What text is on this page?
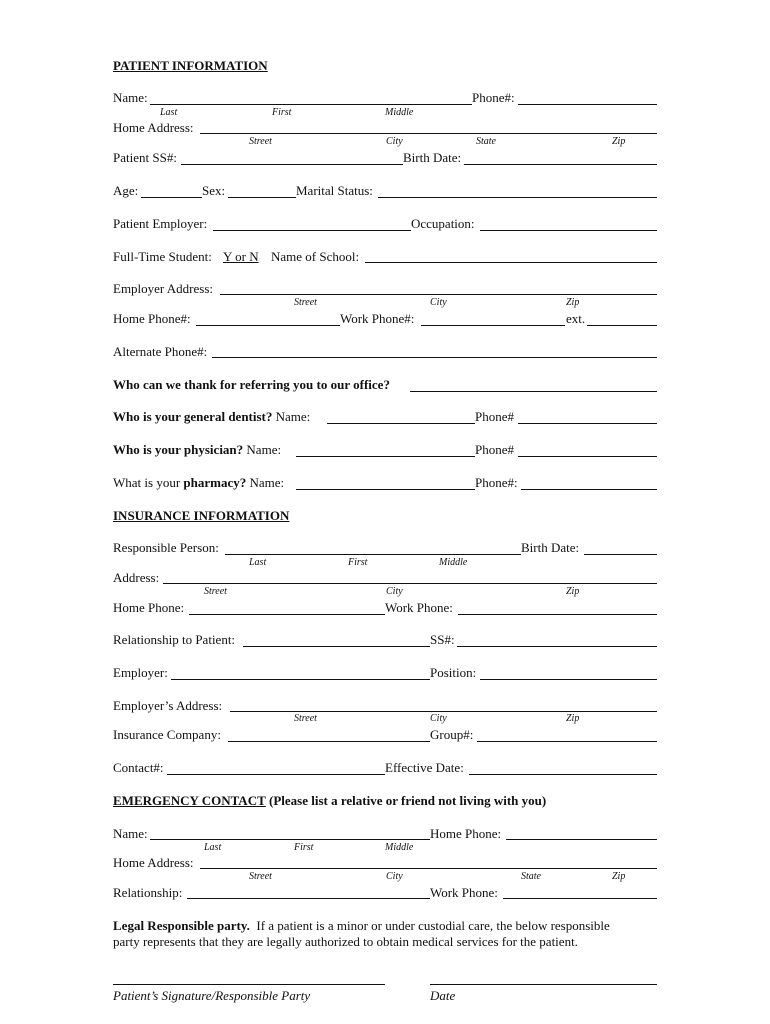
PATIENT INFORMATION
Name:	Phone#:
Last	First	Middle
Home Address:
Street	City	State	Zip
Patient SS#:	Birth Date:
Age:	Sex:	Marital Status:
Patient Employer:	Occupation:
Full-Time Student: Y or N Name of School:
Employer Address:
Street	City	Zip
Home Phone#:	Work Phone#:	ext.
Alternate Phone#:
Who can we thank for referring you to our office?
Who is your general dentist? Name:	Phone#
Who is your physician? Name:	Phone#
What is your pharmacy? Name:	Phone#:
INSURANCE INFORMATION
Responsible Person:	Birth Date:
Last	First	Middle
Address:
Street	City	Zip
Home Phone:	Work Phone:
Relationship to Patient:	SS#:
Employer:	Position:
Employer’s Address:
Street	City	Zip
Insurance Company:	Group#:
Contact#:	Effective Date:
EMERGENCY CONTACT (Please list a relative or friend not living with you)
Name:	Home Phone:
Last	First	Middle
Home Address:
Street	City	State	Zip
Relationship:	Work Phone:
Legal Responsible party. If a patient is a minor or under custodial care, the below responsible
party represents that they are legally authorized to obtain medical services for the patient.
Patient’s Signature/Responsible Party	Date
